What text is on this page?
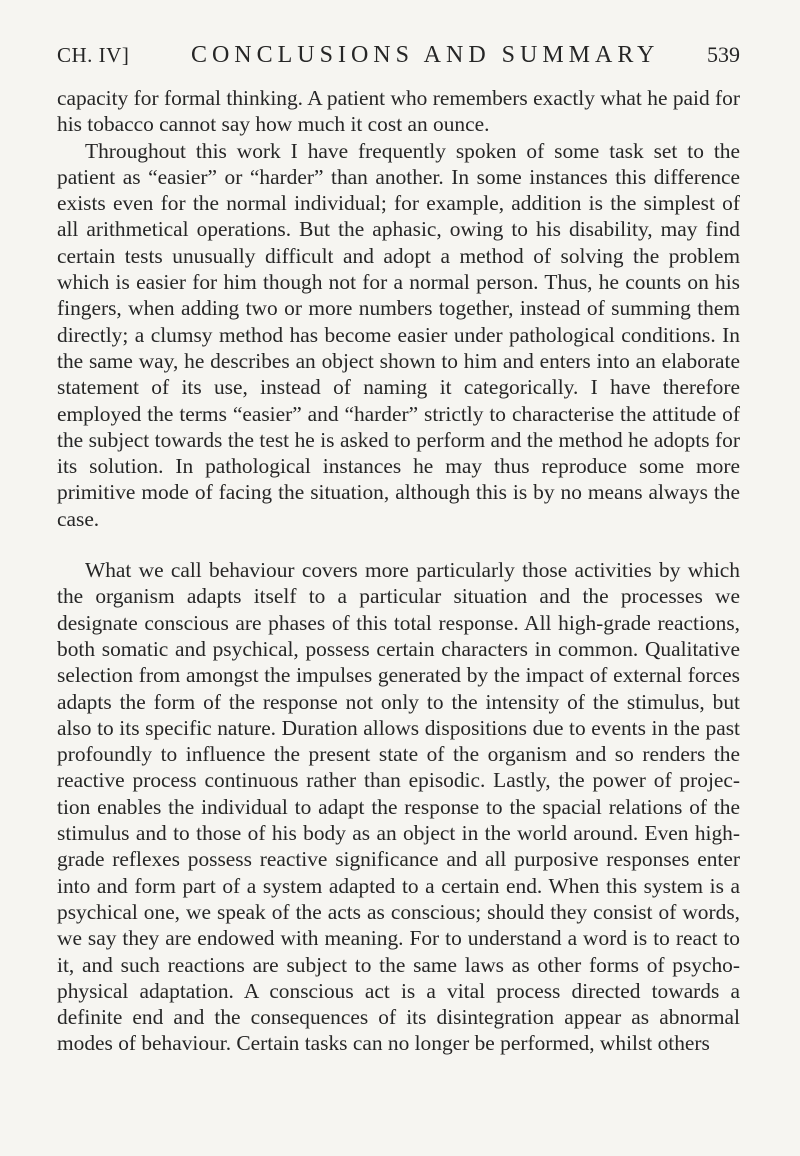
CH. IV]	CONCLUSIONS AND SUMMARY	539

capacity for formal thinking. A patient who remembers exactly what he paid for his tobacco cannot say how much it cost an ounce.

Throughout this work I have frequently spoken of some task set to the patient as “easier” or “harder” than another. In some instances this difference exists even for the normal individual; for example, addition is the simplest of all arithmetical operations. But the aphasic, owing to his disability, may find certain tests unusually difficult and adopt a method of solving the problem which is easier for him though not for a normal person. Thus, he counts on his fingers, when adding two or more numbers together, instead of summing them directly; a clumsy method has become easier under pathological conditions. In the same way, he describes an object shown to him and enters into an elaborate statement of its use, instead of naming it categorically. I have therefore employed the terms “easier” and “harder” strictly to characterise the attitude of the subject towards the test he is asked to perform and the method he adopts for its solution. In pathological instances he may thus reproduce some more primitive mode of facing the situation, although this is by no means always the case.

What we call behaviour covers more particularly those activities by which the organism adapts itself to a particular situation and the processes we designate conscious are phases of this total response. All high-grade reactions, both somatic and psychical, possess certain characters in common. Qualitative selection from amongst the impulses generated by the impact of external forces adapts the form of the response not only to the intensity of the stimulus, but also to its specific nature. Duration allows dispositions due to events in the past profoundly to influence the present state of the organism and so renders the reactive process continuous rather than episodic. Lastly, the power of projection enables the individual to adapt the response to the spacial relations of the stimulus and to those of his body as an object in the world around. Even high-grade reflexes possess reactive significance and all purposive responses enter into and form part of a system adapted to a certain end. When this system is a psychical one, we speak of the acts as conscious; should they consist of words, we say they are endowed with meaning. For to understand a word is to react to it, and such reactions are subject to the same laws as other forms of psycho-physical adaptation. A conscious act is a vital process directed towards a definite end and the consequences of its disintegration appear as abnormal modes of behaviour. Certain tasks can no longer be performed, whilst others
